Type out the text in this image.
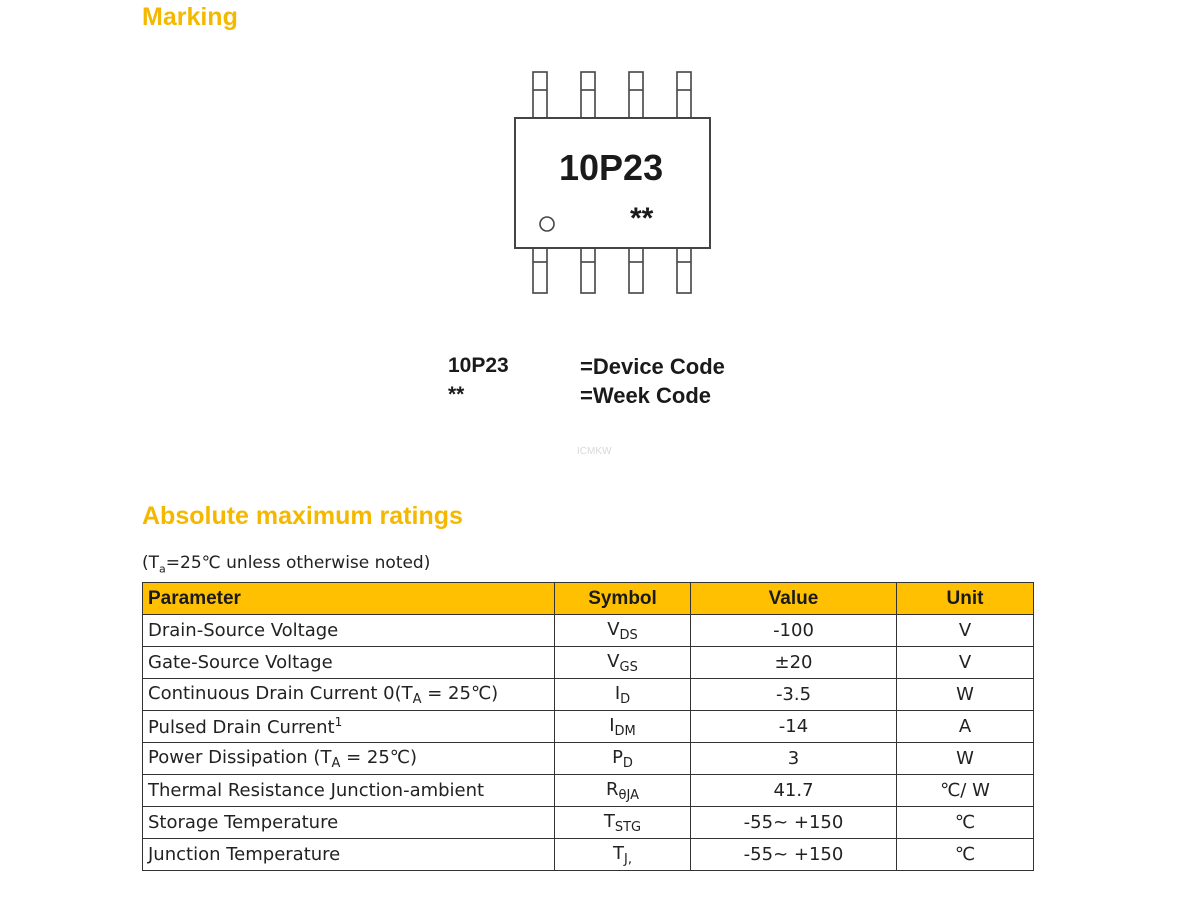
Marking
10P23
**
10P23	=Device Code
**	=Week Code
ICMKW
Absolute maximum ratings
($T_a=25℃$ unless otherwise noted)
Parameter	Symbol	Value	Unit
Drain-Source Voltage	$V_{DS}$	-100	V
Gate-Source Voltage	$V_{GS}$	±20	V
Continuous Drain Current $0(T_A$ = 25℃)	$I_D$	-3.5	W
Pulsed Drain Current$^1$	$I_{DM}$	-14	A
Power Dissipation ($T_A$ = 25℃)	$P_D$	3	W
Thermal Resistance Junction-ambient	$R_{\theta JA}$	41.7	℃/ W
Storage Temperature	$T_{STG}$	-55~ +150	℃
Junction Temperature	$T_{J,}$	-55~ +150	℃
